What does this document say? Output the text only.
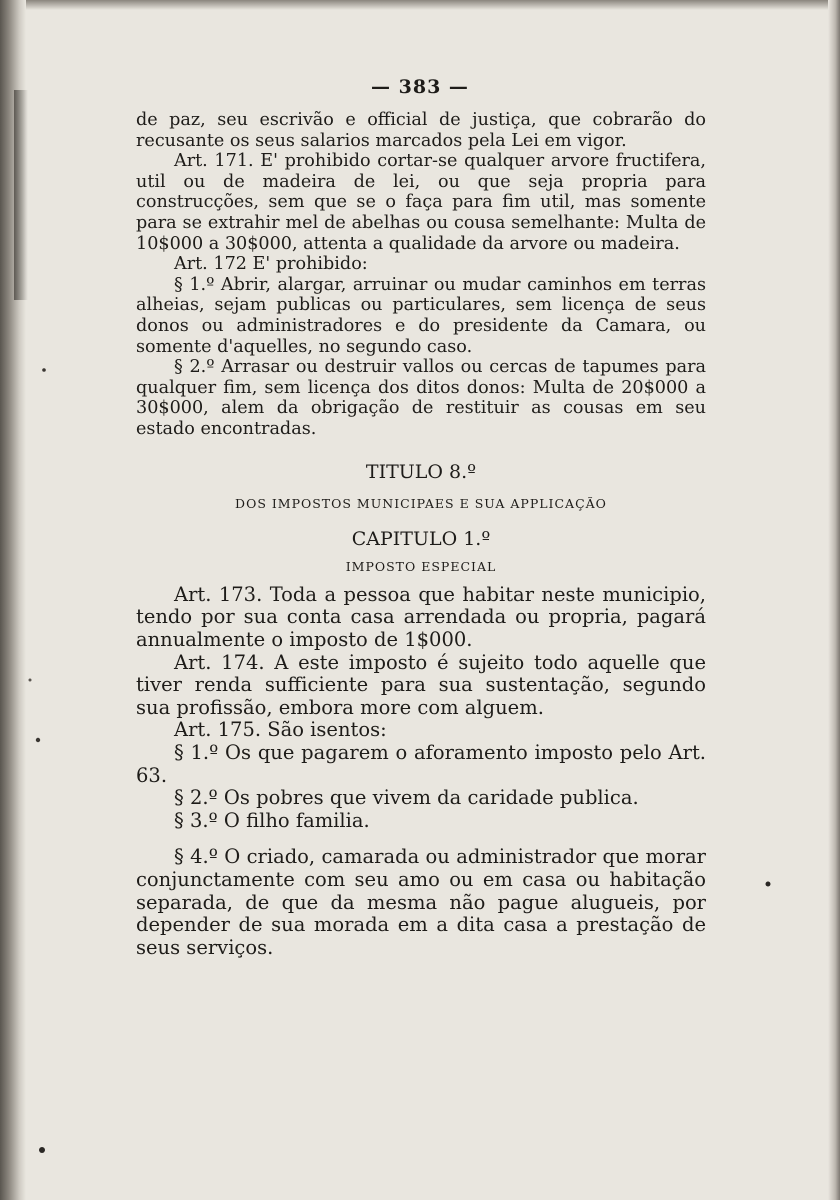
— 383 —

de paz, seu escrivão e official de justiça, que cobrarão do recusante os seus salarios marcados pela Lei em vigor.

Art. 171. E' prohibido cortar-se qualquer arvore fructifera, util ou de madeira de lei, ou que seja propria para construcções, sem que se o faça para fim util, mas somente para se extrahir mel de abelhas ou cousa semelhante: Multa de 10$000 a 30$000, attenta a qualidade da arvore ou madeira.

Art. 172 E' prohibido:

§ 1.º Abrir, alargar, arruinar ou mudar caminhos em terras alheias, sejam publicas ou particulares, sem licença de seus donos ou administradores e do presidente da Camara, ou somente d'aquelles, no segundo caso.

§ 2.º Arrasar ou destruir vallos ou cercas de tapumes para qualquer fim, sem licença dos ditos donos: Multa de 20$000 a 30$000, alem da obrigação de restituir as cousas em seu estado encontradas.

TITULO 8.º
DOS IMPOSTOS MUNICIPAES E SUA APPLICAÇÃO
CAPITULO 1.º
IMPOSTO ESPECIAL

Art. 173. Toda a pessoa que habitar neste municipio, tendo por sua conta casa arrendada ou propria, pagará annualmente o imposto de 1$000.

Art. 174. A este imposto é sujeito todo aquelle que tiver renda sufficiente para sua sustentação, segundo sua profissão, embora more com alguem.

Art. 175. São isentos:

§ 1.º Os que pagarem o aforamento imposto pelo Art. 63.

§ 2.º Os pobres que vivem da caridade publica.

§ 3.º O filho familia.

§ 4.º O criado, camarada ou administrador que morar conjunctamente com seu amo ou em casa ou habitação separada, de que da mesma não pague alugueis, por depender de sua morada em a dita casa a prestação de seus serviços.
